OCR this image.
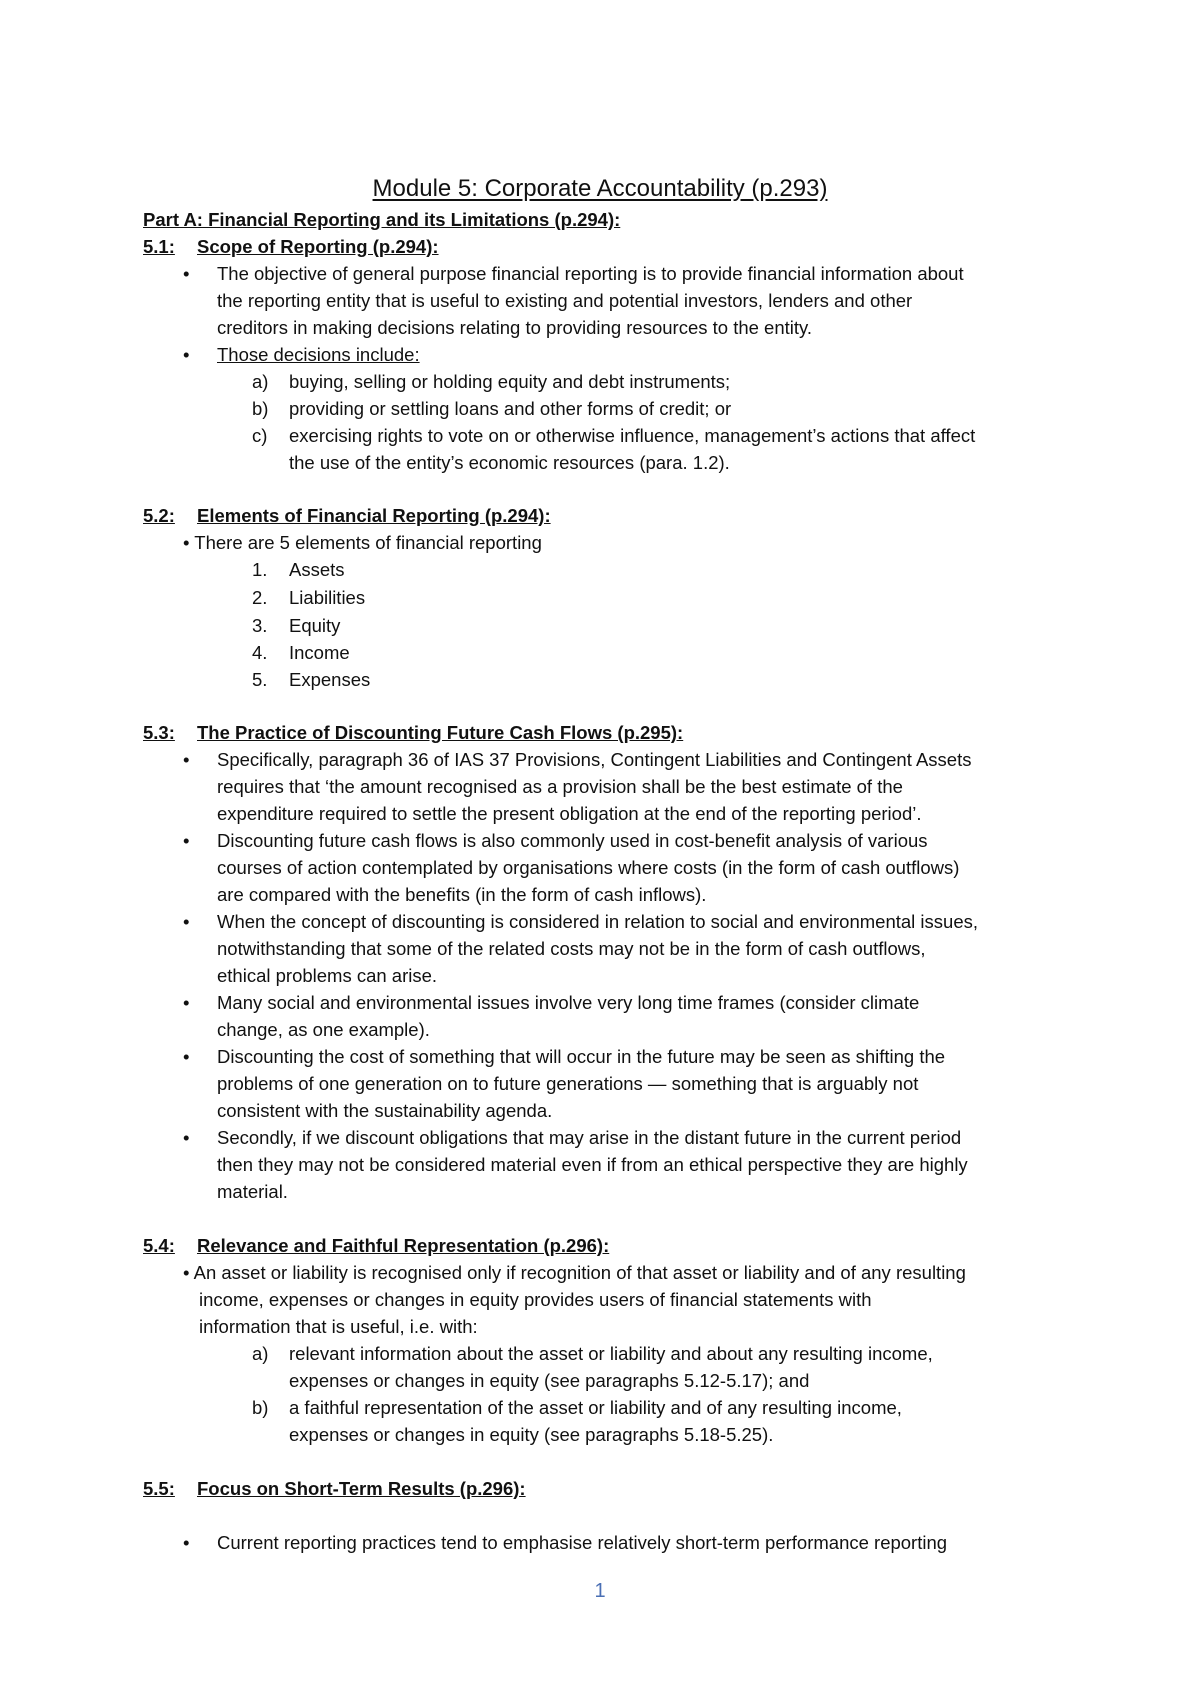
Module 5: Corporate Accountability (p.293)
Part A: Financial Reporting and its Limitations (p.294):
5.1: Scope of Reporting (p.294):
• The objective of general purpose financial reporting is to provide financial information about
the reporting entity that is useful to existing and potential investors, lenders and other
creditors in making decisions relating to providing resources to the entity.
• Those decisions include:
a) buying, selling or holding equity and debt instruments;
b) providing or settling loans and other forms of credit; or
c) exercising rights to vote on or otherwise influence, management’s actions that affect
the use of the entity’s economic resources (para. 1.2).
5.2: Elements of Financial Reporting (p.294):
• There are 5 elements of financial reporting
1. Assets
2. Liabilities
3. Equity
4. Income
5. Expenses
5.3: The Practice of Discounting Future Cash Flows (p.295):
• Specifically, paragraph 36 of IAS 37 Provisions, Contingent Liabilities and Contingent Assets
requires that ‘the amount recognised as a provision shall be the best estimate of the
expenditure required to settle the present obligation at the end of the reporting period’.
• Discounting future cash flows is also commonly used in cost-benefit analysis of various
courses of action contemplated by organisations where costs (in the form of cash outflows)
are compared with the benefits (in the form of cash inflows).
• When the concept of discounting is considered in relation to social and environmental issues,
notwithstanding that some of the related costs may not be in the form of cash outflows,
ethical problems can arise.
• Many social and environmental issues involve very long time frames (consider climate
change, as one example).
• Discounting the cost of something that will occur in the future may be seen as shifting the
problems of one generation on to future generations — something that is arguably not
consistent with the sustainability agenda.
• Secondly, if we discount obligations that may arise in the distant future in the current period
then they may not be considered material even if from an ethical perspective they are highly
material.
5.4: Relevance and Faithful Representation (p.296):
• An asset or liability is recognised only if recognition of that asset or liability and of any resulting
income, expenses or changes in equity provides users of financial statements with
information that is useful, i.e. with:
a) relevant information about the asset or liability and about any resulting income,
expenses or changes in equity (see paragraphs 5.12-5.17); and
b) a faithful representation of the asset or liability and of any resulting income,
expenses or changes in equity (see paragraphs 5.18-5.25).
5.5: Focus on Short-Term Results (p.296):
• Current reporting practices tend to emphasise relatively short-term performance reporting
1
